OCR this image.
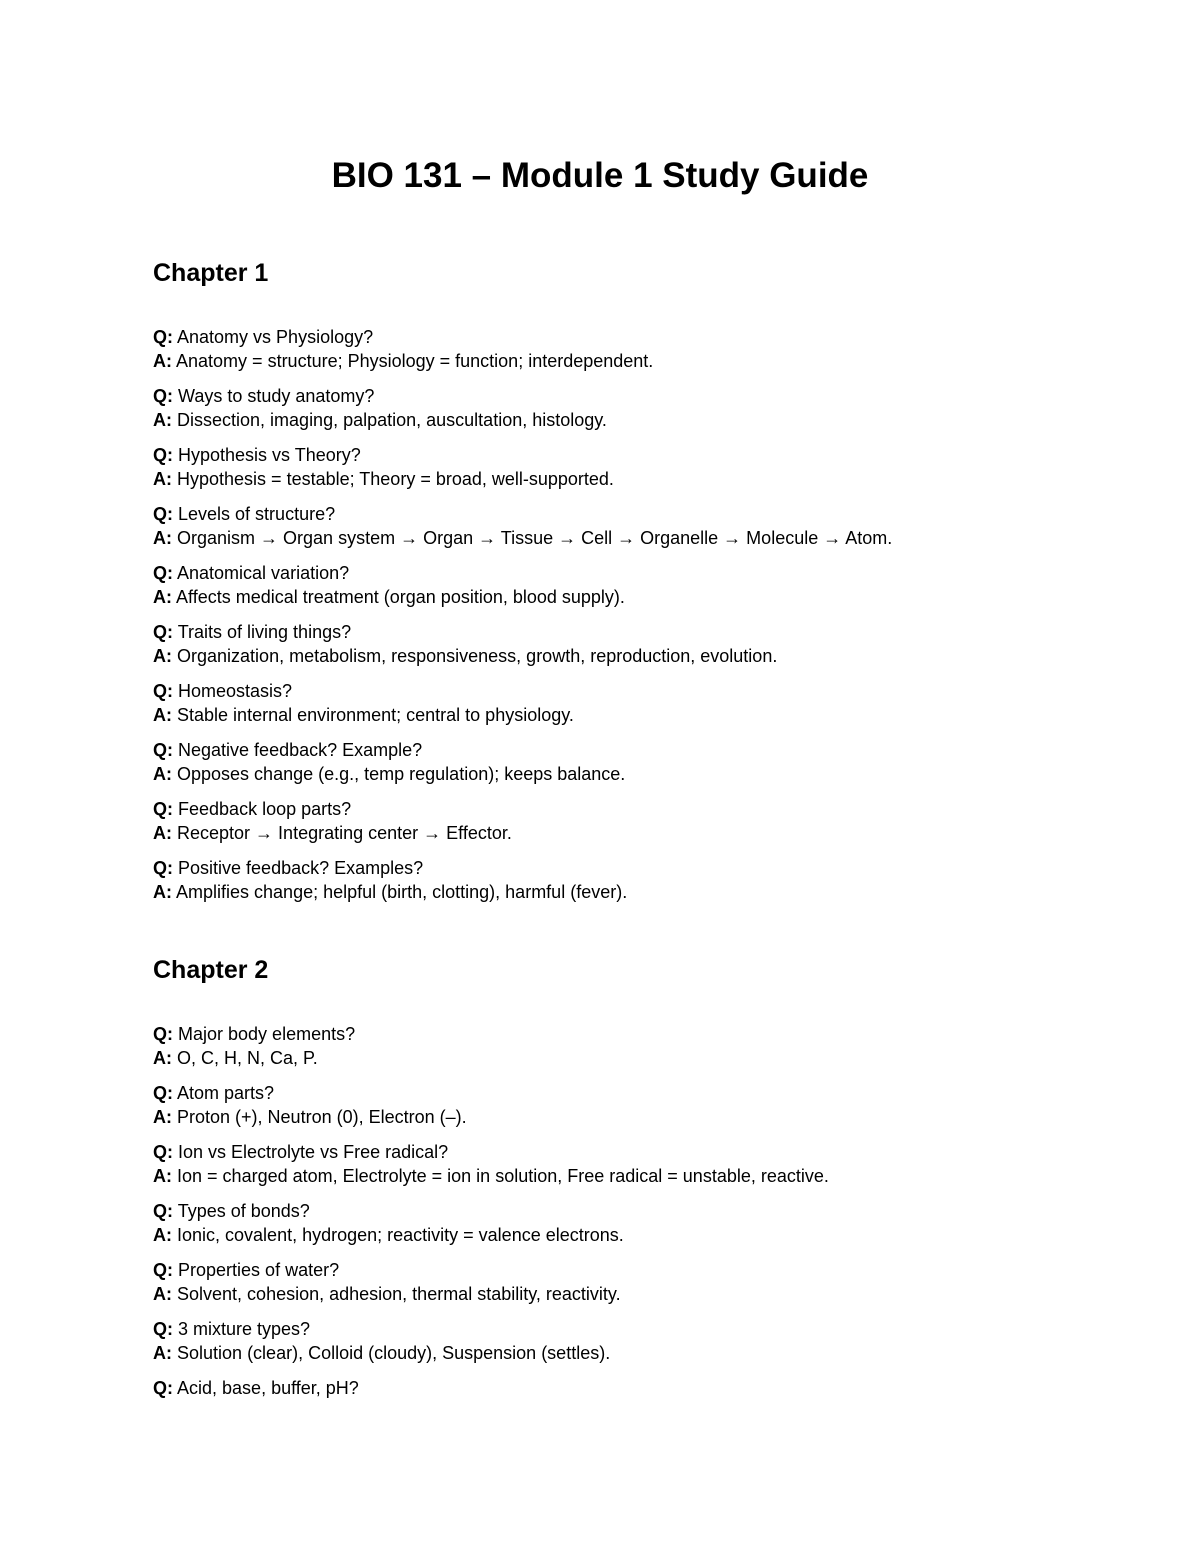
BIO 131 – Module 1 Study Guide
Chapter 1
Q: Anatomy vs Physiology?
A: Anatomy = structure; Physiology = function; interdependent.
Q: Ways to study anatomy?
A: Dissection, imaging, palpation, auscultation, histology.
Q: Hypothesis vs Theory?
A: Hypothesis = testable; Theory = broad, well-supported.
Q: Levels of structure?
A: Organism → Organ system → Organ → Tissue → Cell → Organelle → Molecule → Atom.
Q: Anatomical variation?
A: Affects medical treatment (organ position, blood supply).
Q: Traits of living things?
A: Organization, metabolism, responsiveness, growth, reproduction, evolution.
Q: Homeostasis?
A: Stable internal environment; central to physiology.
Q: Negative feedback? Example?
A: Opposes change (e.g., temp regulation); keeps balance.
Q: Feedback loop parts?
A: Receptor → Integrating center → Effector.
Q: Positive feedback? Examples?
A: Amplifies change; helpful (birth, clotting), harmful (fever).
Chapter 2
Q: Major body elements?
A: O, C, H, N, Ca, P.
Q: Atom parts?
A: Proton (+), Neutron (0), Electron (–).
Q: Ion vs Electrolyte vs Free radical?
A: Ion = charged atom, Electrolyte = ion in solution, Free radical = unstable, reactive.
Q: Types of bonds?
A: Ionic, covalent, hydrogen; reactivity = valence electrons.
Q: Properties of water?
A: Solvent, cohesion, adhesion, thermal stability, reactivity.
Q: 3 mixture types?
A: Solution (clear), Colloid (cloudy), Suspension (settles).
Q: Acid, base, buffer, pH?
